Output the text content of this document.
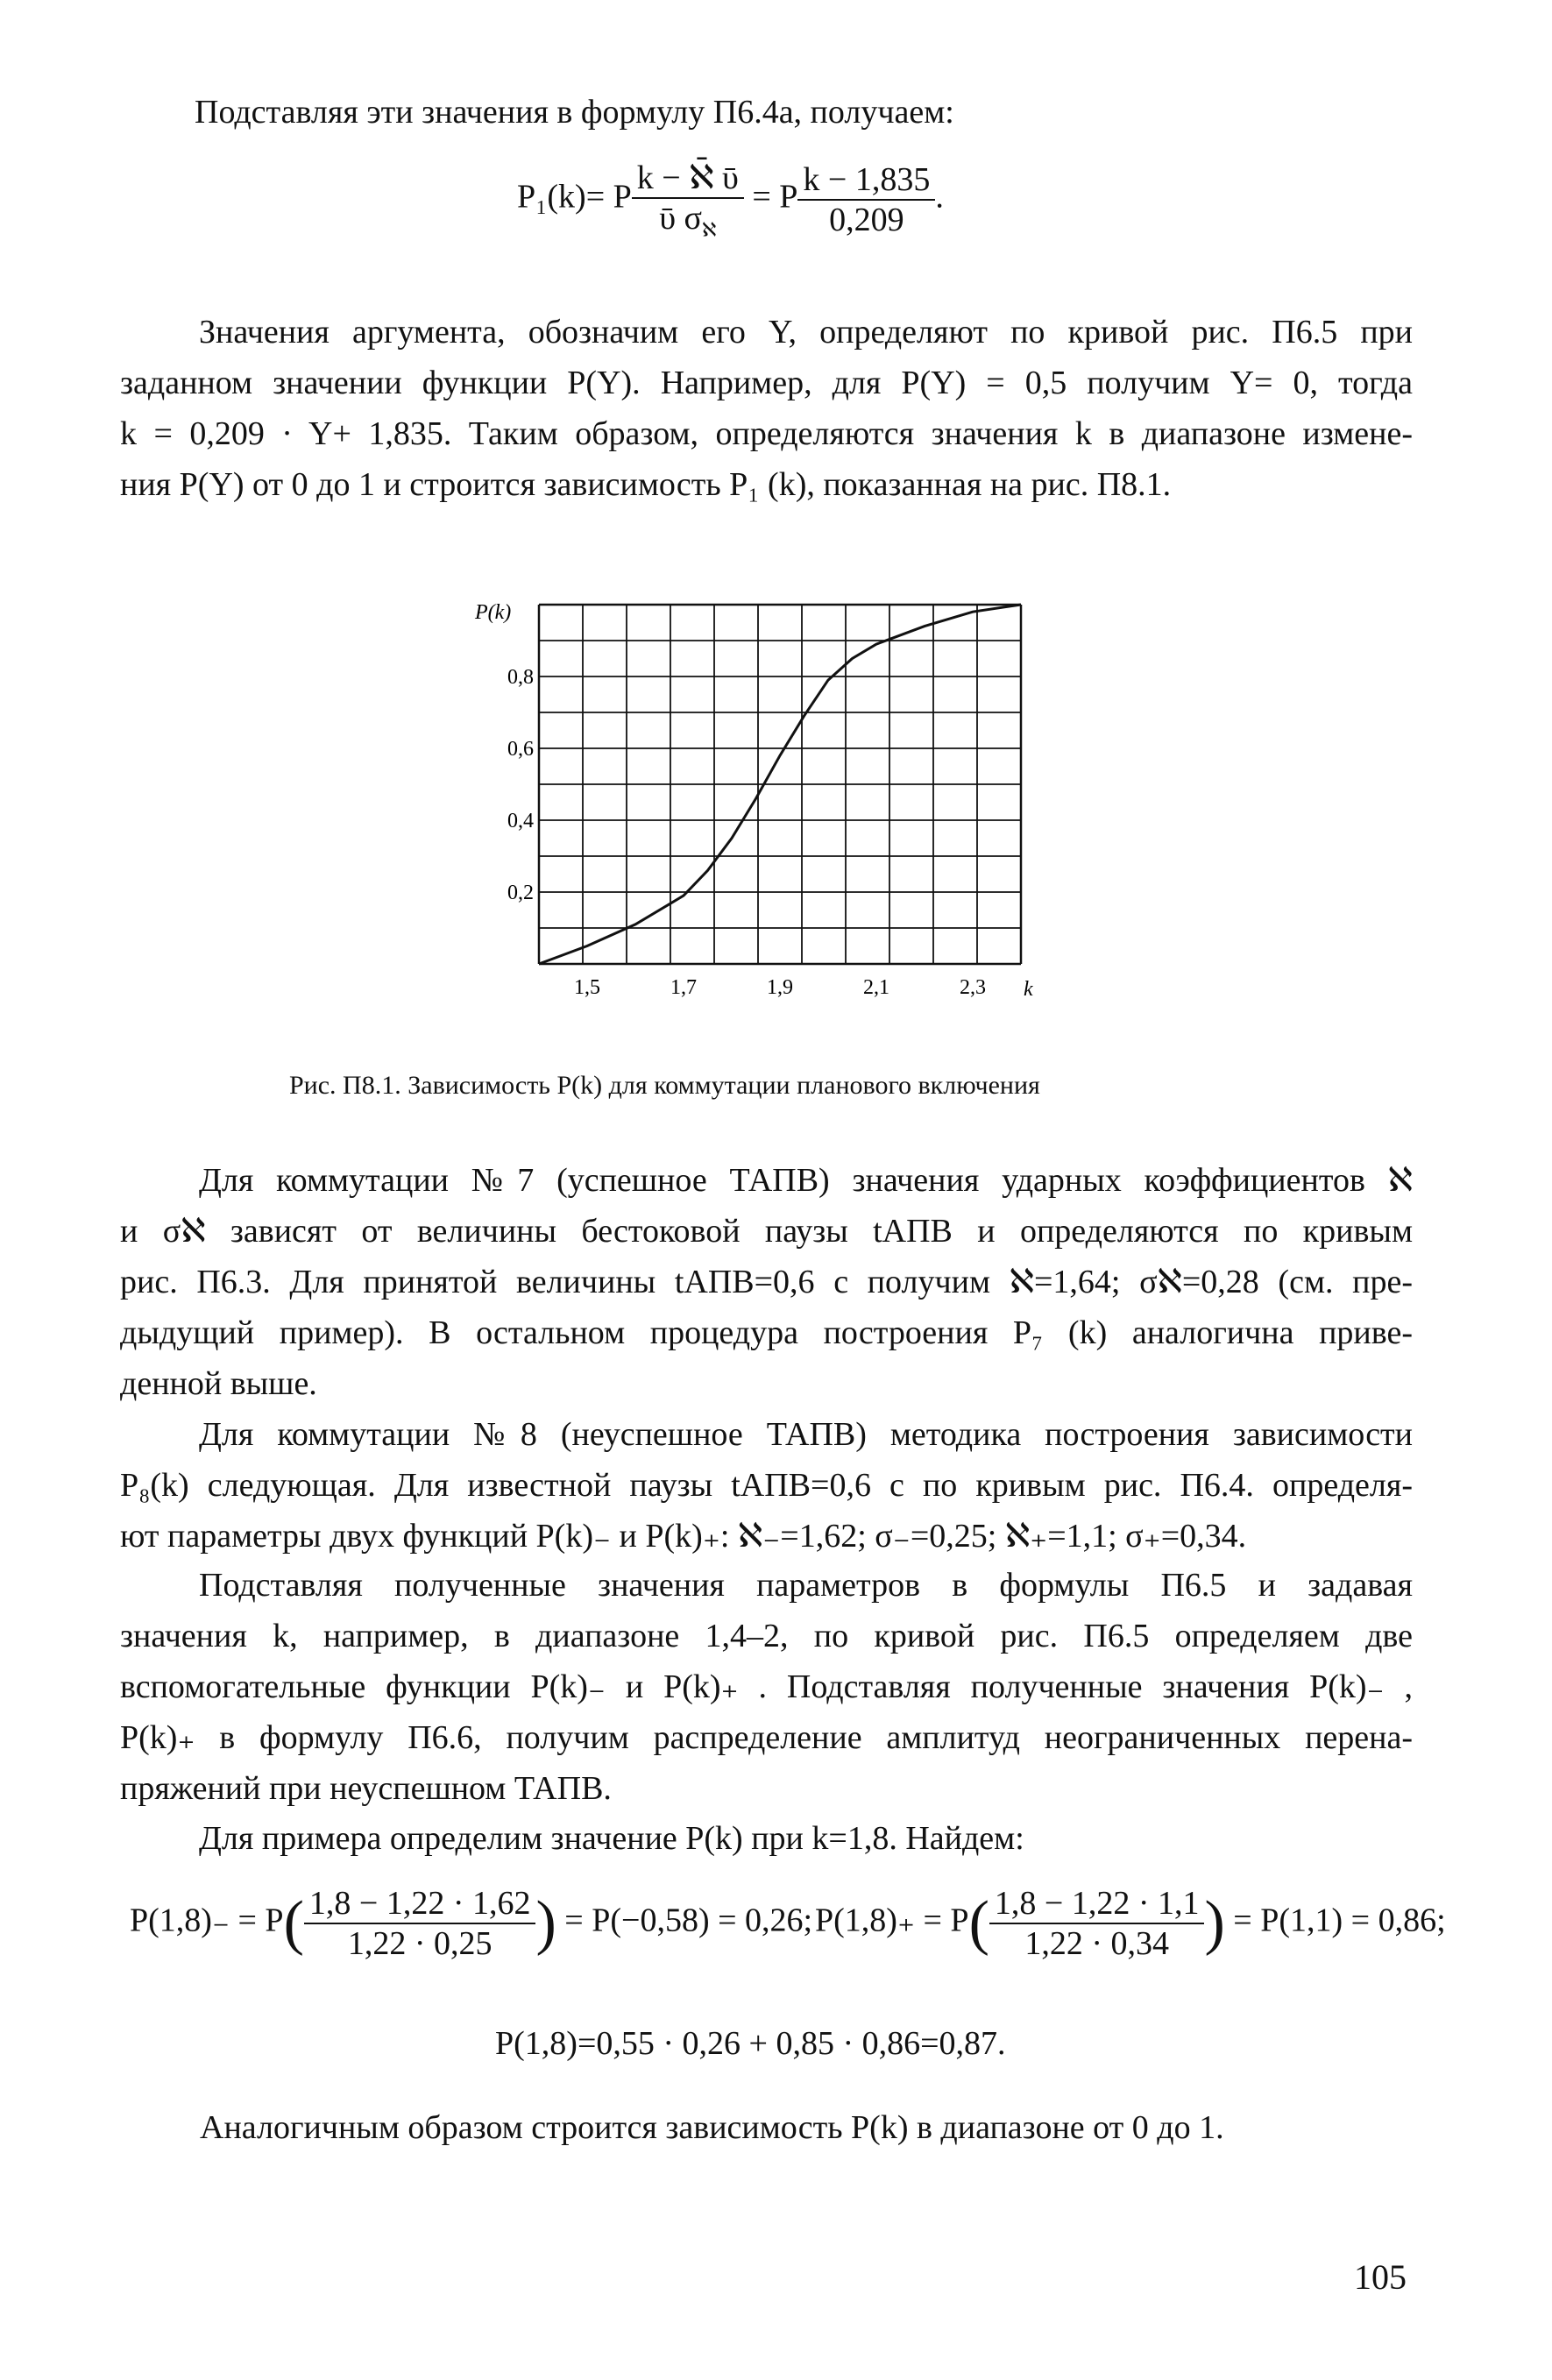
Подставляя эти значения в формулу П6.4а, получаем:
P₁(k)= P $\frac{\text{k − ℵ̄ ῡ}}{ῡ \sigma_ℵ} = P \frac{k - 1,835}{0,209}$ .
Значения аргумента, обозначим его Y, определяют по кривой рис. П6.5 при
заданном значении функции P(Y). Например, для P(Y) = 0,5 получим Y= 0, тогда
k = 0,209 · Y+ 1,835. Таким образом, определяются значения k в диапазоне измене-
ния P(Y) от 0 до 1 и строится зависимость P₁ (k), показанная на рис. П8.1.
0,8
0,6
0,4
0,2
1,5	1,7	1,9	2,1	2,3
P(k)
k
Рис. П8.1. Зависимость P(k) для коммутации планового включения
Для коммутации №7 (успешное ТАПВ) значения ударных коэффициентов ℵ
и σℵ зависят от величины бестоковой паузы tАПВ и определяются по кривым
рис. П6.3. Для принятой величины tАПВ=0,6 с получим ℵ=1,64; σℵ=0,28 (см. пре-
дыдущий пример). В остальном процедура построения P₇ (k) аналогична приве-
денной выше.
Для коммутации №8 (неуспешное ТАПВ) методика построения зависимости
P₈(k) следующая. Для известной паузы tАПВ=0,6 с по кривым рис. П6.4. определя-
ют параметры двух функций P(k)₋ и P(k)₊: ℵ₋=1,62; σ₋=0,25; ℵ₊=1,1; σ₊=0,34.
Подставляя полученные значения параметров в формулы П6.5 и задавая
значения k, например, в диапазоне 1,4–2, по кривой рис. П6.5 определяем две
вспомогательные функции P(k)₋ и P(k)₊ . Подставляя полученные значения P(k)₋ ,
P(k)₊ в формулу П6.6, получим распределение амплитуд неограниченных перена-
пряжений при неуспешном ТАПВ.
Для примера определим значение P(k) при k=1,8. Найдем:
$P(1,8)_- = P( \frac{1,8 - 1,22 \cdot 1,62}{1,22 \cdot 0,25}$ ) = P(−0,58) = 0,26; $P(1,8)_+ = P( \frac{1,8 - 1,22 \cdot 1,1}{1,22 \cdot 0,34}$ ) = P(1,1) = 0,86;
P(1,8)=0,55 · 0,26 + 0,85 · 0,86=0,87.
Аналогичным образом строится зависимость P(k) в диапазоне от 0 до 1.
105
